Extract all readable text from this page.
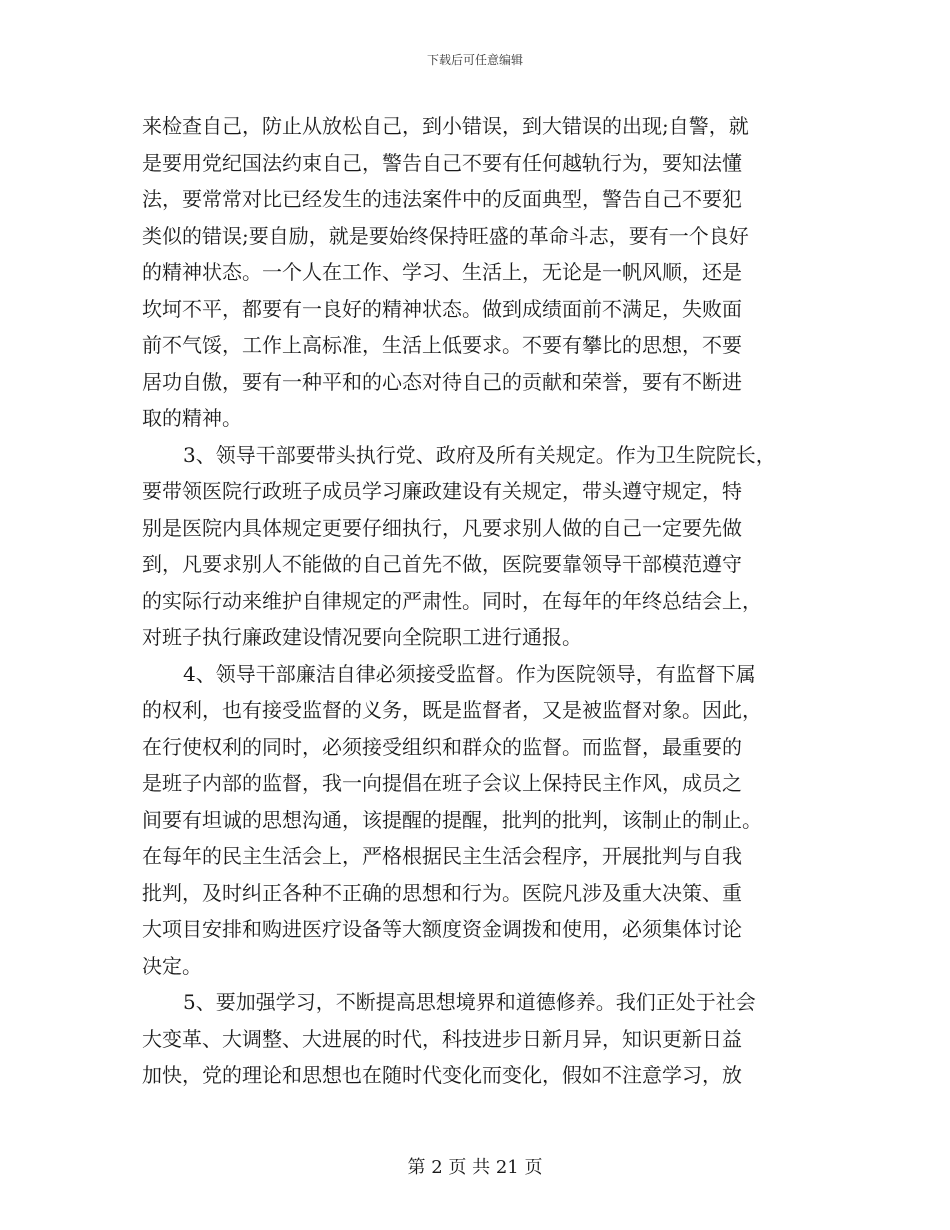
下载后可任意编辑

来检查自己，防止从放松自己，到小错误，到大错误的出现;自警，就
是要用党纪国法约束自己，警告自己不要有任何越轨行为，要知法懂
法，要常常对比已经发生的违法案件中的反面典型，警告自己不要犯
类似的错误;要自励，就是要始终保持旺盛的革命斗志，要有一个良好
的精神状态。一个人在工作、学习、生活上，无论是一帆风顺，还是
坎坷不平，都要有一良好的精神状态。做到成绩面前不满足，失败面
前不气馁，工作上高标准，生活上低要求。不要有攀比的思想，不要
居功自傲，要有一种平和的心态对待自己的贡献和荣誉，要有不断进
取的精神。

3、领导干部要带头执行党、政府及所有关规定。作为卫生院院长，
要带领医院行政班子成员学习廉政建设有关规定，带头遵守规定，特
别是医院内具体规定更要仔细执行，凡要求别人做的自己一定要先做
到，凡要求别人不能做的自己首先不做，医院要靠领导干部模范遵守
的实际行动来维护自律规定的严肃性。同时，在每年的年终总结会上，
对班子执行廉政建设情况要向全院职工进行通报。

4、领导干部廉洁自律必须接受监督。作为医院领导，有监督下属
的权利，也有接受监督的义务，既是监督者，又是被监督对象。因此，
在行使权利的同时，必须接受组织和群众的监督。而监督，最重要的
是班子内部的监督，我一向提倡在班子会议上保持民主作风，成员之
间要有坦诚的思想沟通，该提醒的提醒，批判的批判，该制止的制止。
在每年的民主生活会上，严格根据民主生活会程序，开展批判与自我
批判，及时纠正各种不正确的思想和行为。医院凡涉及重大决策、重
大项目安排和购进医疗设备等大额度资金调拨和使用，必须集体讨论
决定。

5、要加强学习，不断提高思想境界和道德修养。我们正处于社会
大变革、大调整、大进展的时代，科技进步日新月异，知识更新日益
加快，党的理论和思想也在随时代变化而变化，假如不注意学习，放

第 2 页 共 21 页
